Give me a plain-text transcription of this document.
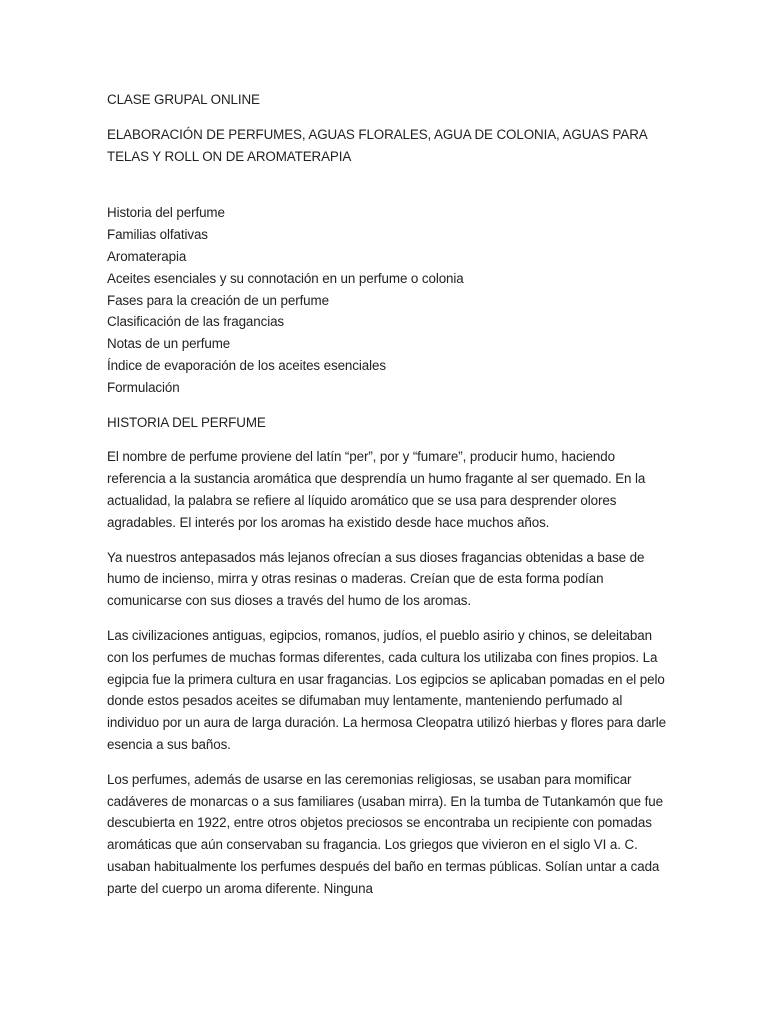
CLASE GRUPAL ONLINE

ELABORACIÓN DE PERFUMES, AGUAS FLORALES, AGUA DE COLONIA, AGUAS PARA TELAS Y ROLL ON DE AROMATERAPIA

Historia del perfume
Familias olfativas
Aromaterapia
Aceites esenciales y su connotación en un perfume o colonia
Fases para la creación de un perfume
Clasificación de las fragancias
Notas de un perfume
Índice de evaporación de los aceites esenciales
Formulación

HISTORIA DEL PERFUME

El nombre de perfume proviene del latín “per”, por y “fumare”, producir humo, haciendo referencia a la sustancia aromática que desprendía un humo fragante al ser quemado. En la actualidad, la palabra se refiere al líquido aromático que se usa para desprender olores agradables. El interés por los aromas ha existido desde hace muchos años.

Ya nuestros antepasados más lejanos ofrecían a sus dioses fragancias obtenidas a base de humo de incienso, mirra y otras resinas o maderas. Creían que de esta forma podían comunicarse con sus dioses a través del humo de los aromas.

Las civilizaciones antiguas, egipcios, romanos, judíos, el pueblo asirio y chinos, se deleitaban con los perfumes de muchas formas diferentes, cada cultura los utilizaba con fines propios. La egipcia fue la primera cultura en usar fragancias. Los egipcios se aplicaban pomadas en el pelo donde estos pesados aceites se difumaban muy lentamente, manteniendo perfumado al individuo por un aura de larga duración. La hermosa Cleopatra utilizó hierbas y flores para darle esencia a sus baños.

Los perfumes, además de usarse en las ceremonias religiosas, se usaban para momificar cadáveres de monarcas o a sus familiares (usaban mirra). En la tumba de Tutankamón que fue descubierta en 1922, entre otros objetos preciosos se encontraba un recipiente con pomadas aromáticas que aún conservaban su fragancia. Los griegos que vivieron en el siglo VI a. C. usaban habitualmente los perfumes después del baño en termas públicas. Solían untar a cada parte del cuerpo un aroma diferente. Ninguna
